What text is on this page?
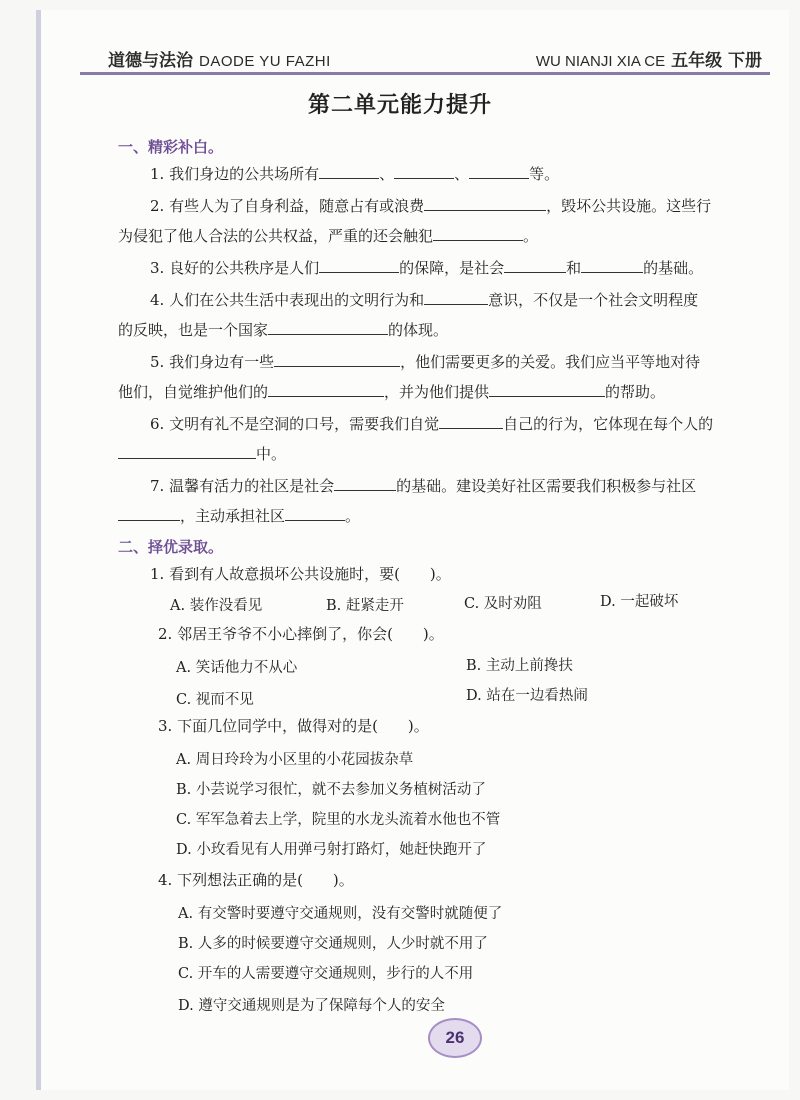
道德与法治 DAODE YU FAZHI	WU NIANJI XIA CE 五年级 下册
第二单元能力提升
一、精彩补白。
1. 我们身边的公共场所有	、	、	等。
2. 有些人为了自身利益，随意占有或浪费	，毁坏公共设施。这些行
为侵犯了他人合法的公共权益，严重的还会触犯	。
3. 良好的公共秩序是人们	的保障，是社会	和	的基础。
4. 人们在公共生活中表现出的文明行为和	意识，不仅是一个社会文明程度
的反映，也是一个国家	的体现。
5. 我们身边有一些	，他们需要更多的关爱。我们应当平等地对待
他们，自觉维护他们的	，并为他们提供	的帮助。
6. 文明有礼不是空洞的口号，需要我们自觉	自己的行为，它体现在每个人的
中。
7. 温馨有活力的社区是社会	的基础。建设美好社区需要我们积极参与社区
，主动承担社区	。
二、择优录取。
1. 看到有人故意损坏公共设施时，要(　　)。
A. 装作没看见	B. 赶紧走开	C. 及时劝阻	D. 一起破坏
2. 邻居王爷爷不小心摔倒了，你会(　　)。
A. 笑话他力不从心	B. 主动上前搀扶
C. 视而不见	D. 站在一边看热闹
3. 下面几位同学中，做得对的是(　　)。
A. 周日玲玲为小区里的小花园拔杂草
B. 小芸说学习很忙，就不去参加义务植树活动了
C. 军军急着去上学，院里的水龙头流着水他也不管
D. 小玫看见有人用弹弓射打路灯，她赶快跑开了
4. 下列想法正确的是(　　)。
A. 有交警时要遵守交通规则，没有交警时就随便了
B. 人多的时候要遵守交通规则，人少时就不用了
C. 开车的人需要遵守交通规则，步行的人不用
D. 遵守交通规则是为了保障每个人的安全
26
